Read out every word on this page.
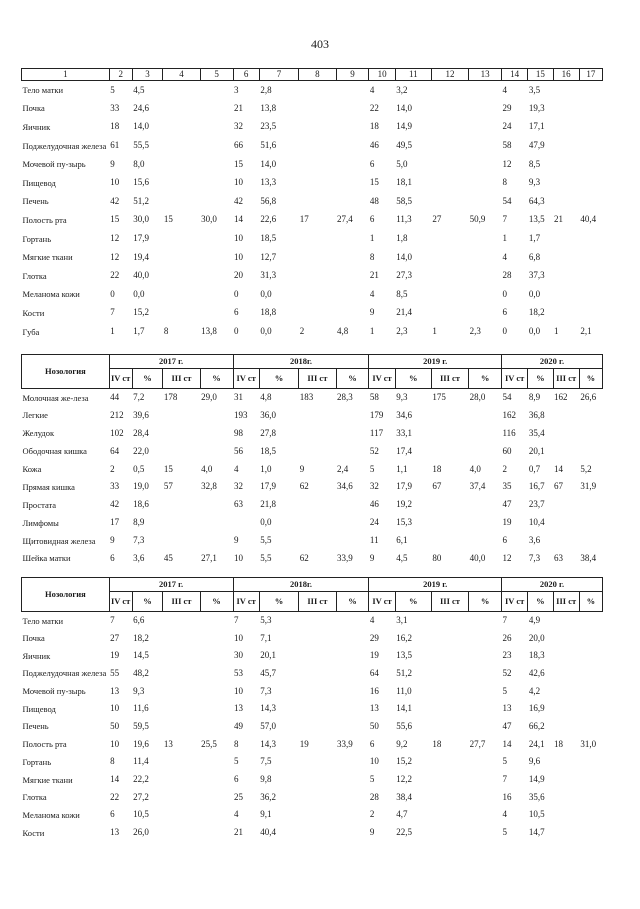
403
1	2	3	4	5	6	7	8	9	10	11	12	13	14	15	16	17
Тело матки	5	4,5			3	2,8			4	3,2			4	3,5		
Почка	33	24,6			21	13,8			22	14,0			29	19,3		
Яичник	18	14,0			32	23,5			18	14,9			24	17,1		
Поджелудочная железа	61	55,5			66	51,6			46	49,5			58	47,9		
Мочевой пу-зырь	9	8,0			15	14,0			6	5,0			12	8,5		
Пищевод	10	15,6			10	13,3			15	18,1			8	9,3		
Печень	42	51,2			42	56,8			48	58,5			54	64,3		
Полость рта	15	30,0	15	30,0	14	22,6	17	27,4	6	11,3	27	50,9	7	13,5	21	40,4
Гортань	12	17,9			10	18,5			1	1,8			1	1,7		
Мягкие ткани	12	19,4			10	12,7			8	14,0			4	6,8		
Глотка	22	40,0			20	31,3			21	27,3			28	37,3		
Меланома кожи	0	0,0			0	0,0			4	8,5			0	0,0		
Кости	7	15,2			6	18,8			9	21,4			6	18,2		
Губа	1	1,7	8	13,8	0	0,0	2	4,8	1	2,3	1	2,3	0	0,0	1	2,1
Нозология	2017 г.				2018г.				2019 г.				2020 г.			
	IV ст	%	III ст	%	IV ст	%	III ст	%	IV ст	%	III ст	%	IV ст	%	III ст	%
Молочная же-леза	44	7,2	178	29,0	31	4,8	183	28,3	58	9,3	175	28,0	54	8,9	162	26,6
Легкие	212	39,6			193	36,0			179	34,6			162	36,8		
Желудок	102	28,4			98	27,8			117	33,1			116	35,4		
Ободочная кишка	64	22,0			56	18,5			52	17,4			60	20,1		
Кожа	2	0,5	15	4,0	4	1,0	9	2,4	5	1,1	18	4,0	2	0,7	14	5,2
Прямая кишка	33	19,0	57	32,8	32	17,9	62	34,6	32	17,9	67	37,4	35	16,7	67	31,9
Простата	42	18,6			63	21,8			46	19,2			47	23,7		
Лимфомы	17	8,9				0,0			24	15,3			19	10,4		
Щитовидная железа	9	7,3			9	5,5			11	6,1			6	3,6		
Шейка матки	6	3,6	45	27,1	10	5,5	62	33,9	9	4,5	80	40,0	12	7,3	63	38,4
Нозология	2017 г.				2018г.				2019 г.				2020 г.			
	IV ст	%	III ст	%	IV ст	%	III ст	%	IV ст	%	III ст	%	IV ст	%	III ст	%
Тело матки	7	6,6			7	5,3			4	3,1			7	4,9		
Почка	27	18,2			10	7,1			29	16,2			26	20,0		
Яичник	19	14,5			30	20,1			19	13,5			23	18,3		
Поджелудочная железа	55	48,2			53	45,7			64	51,2			52	42,6		
Мочевой пу-зырь	13	9,3			10	7,3			16	11,0			5	4,2		
Пищевод	10	11,6			13	14,3			13	14,1			13	16,9		
Печень	50	59,5			49	57,0			50	55,6			47	66,2		
Полость рта	10	19,6	13	25,5	8	14,3	19	33,9	6	9,2	18	27,7	14	24,1	18	31,0
Гортань	8	11,4			5	7,5			10	15,2			5	9,6		
Мягкие ткани	14	22,2			6	9,8			5	12,2			7	14,9		
Глотка	22	27,2			25	36,2			28	38,4			16	35,6		
Меланома кожи	6	10,5			4	9,1			2	4,7			4	10,5		
Кости	13	26,0			21	40,4			9	22,5			5	14,7		
